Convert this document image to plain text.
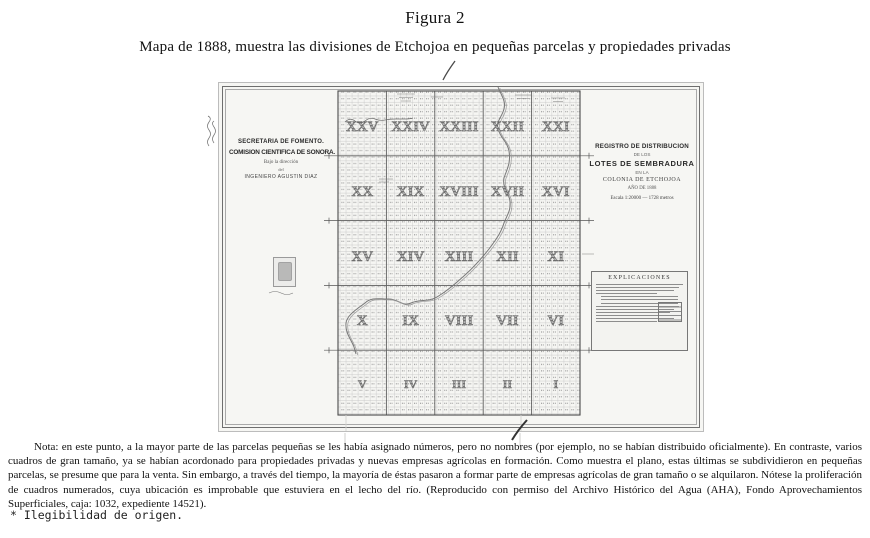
Figura 2
Mapa de 1888, muestra las divisiones de Etchojoa en pequeñas parcelas y propiedades privadas
XXV XXIV XXIII XXII XXI
XX XIX XVIII XVII XVI
XV XIV XIII XII XI
X IX VIII VII VI
V	IV	III	II	I
SECRETARIA DE FOMENTO.
COMISION CIENTIFICA DE SONORA.
Bajo la dirección
del
INGENIERO AGUSTIN DIAZ
REGISTRO DE DISTRIBUCION
DE LOS
LOTES DE SEMBRADURA
EN LA
COLONIA DE ETCHOJOA
AÑO DE 1888
Escala 1:20000 — 1728 metros
EXPLICACIONES
Nota: en este punto, a la mayor parte de las parcelas pequeñas se les había asignado números, pero no nombres (por ejemplo, no se habían distribuido oficialmente). En contraste, varios cuadros de gran tamaño, ya se habían acordonado para propiedades privadas y nuevas empresas agrícolas en formación. Como muestra el plano, estas últimas se subdividieron en pequeñas parcelas, se presume que para la venta. Sin embargo, a través del tiempo, la mayoría de éstas pasaron a formar parte de empresas agrícolas de gran tamaño o se alquilaron. Nótese la proliferación de cuadros numerados, cuya ubicación es improbable que estuviera en el lecho del río. (Reproducido con permiso del Archivo Histórico del Agua (AHA), Fondo Aprovechamientos Superficiales, caja: 1032, expediente 14521).
* Ilegibilidad de origen.
